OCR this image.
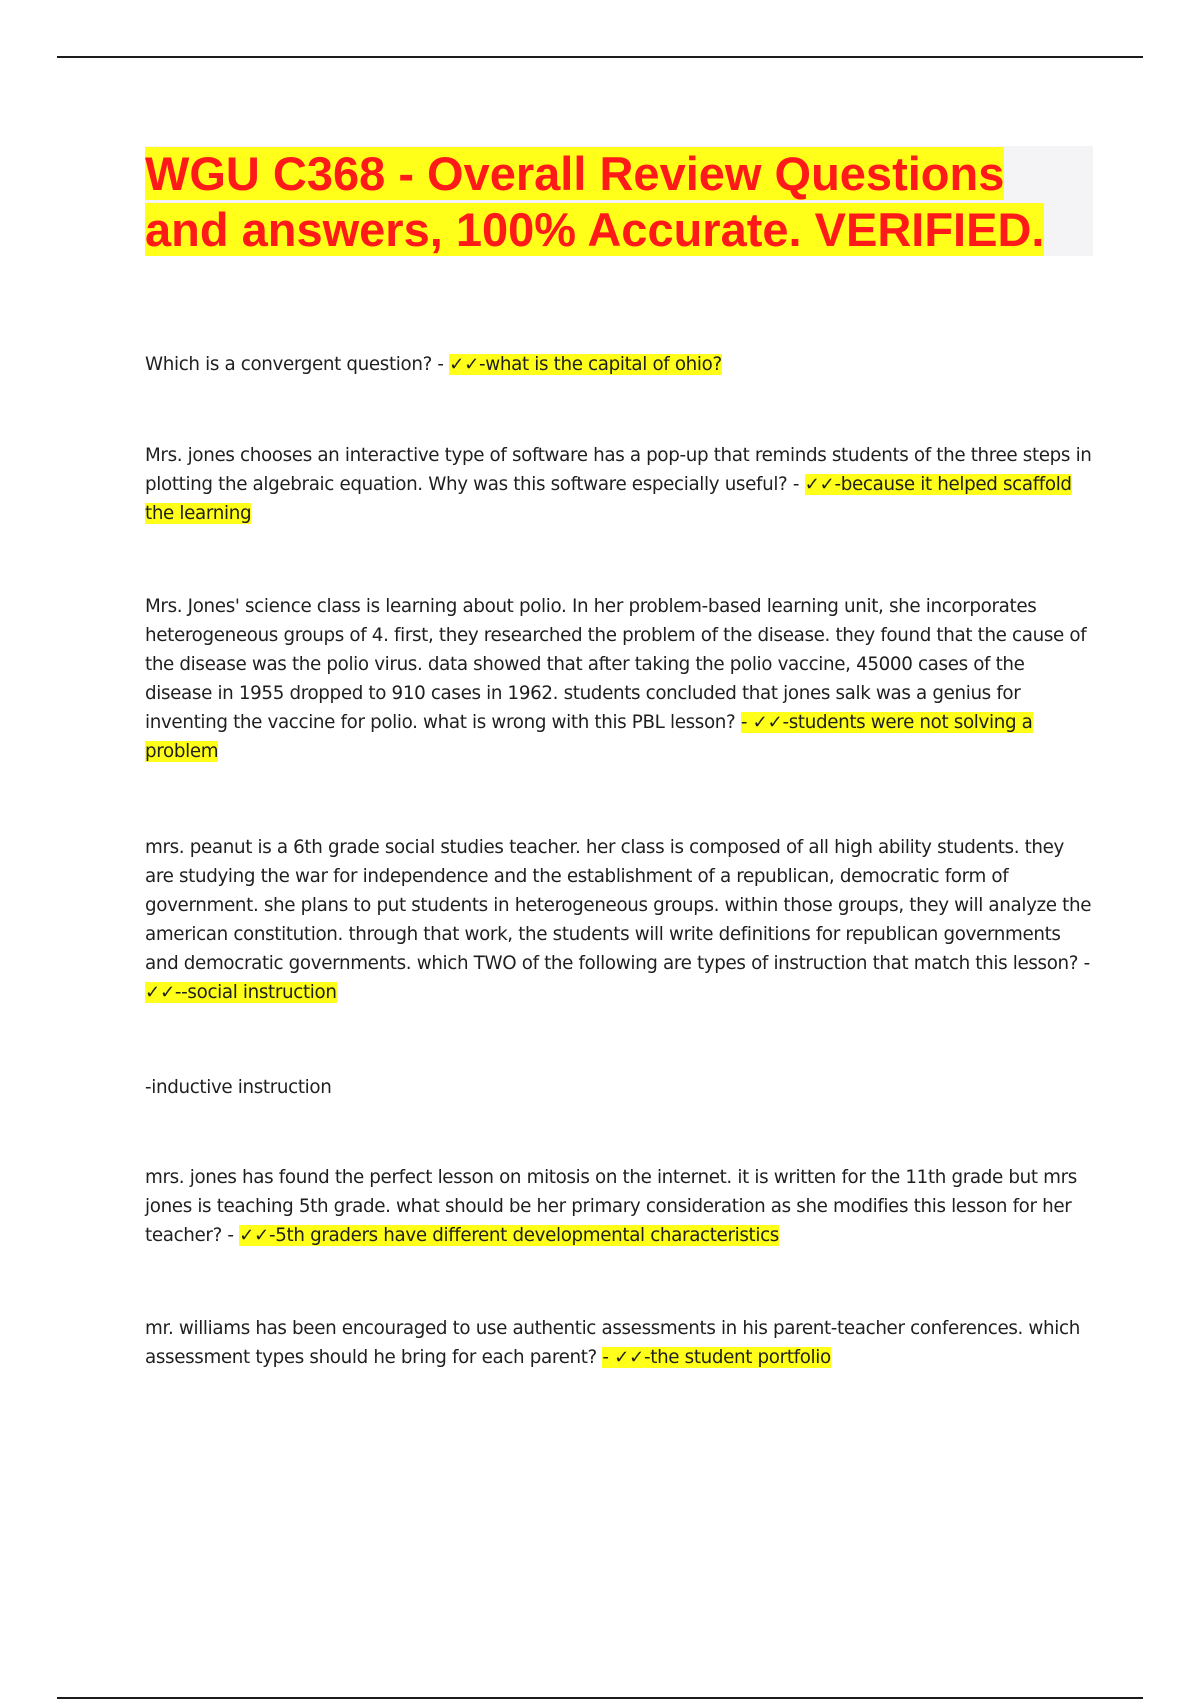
WGU C368 - Overall Review Questions and answers, 100% Accurate. VERIFIED.

Which is a convergent question? - ✓✓-what is the capital of ohio?

Mrs. jones chooses an interactive type of software has a pop-up that reminds students of the three steps in plotting the algebraic equation. Why was this software especially useful? - ✓✓-because it helped scaffold the learning

Mrs. Jones' science class is learning about polio. In her problem-based learning unit, she incorporates heterogeneous groups of 4. first, they researched the problem of the disease. they found that the cause of the disease was the polio virus. data showed that after taking the polio vaccine, 45000 cases of the disease in 1955 dropped to 910 cases in 1962. students concluded that jones salk was a genius for inventing the vaccine for polio. what is wrong with this PBL lesson? - ✓✓-students were not solving a problem

mrs. peanut is a 6th grade social studies teacher. her class is composed of all high ability students. they are studying the war for independence and the establishment of a republican, democratic form of government. she plans to put students in heterogeneous groups. within those groups, they will analyze the american constitution. through that work, the students will write definitions for republican governments and democratic governments. which TWO of the following are types of instruction that match this lesson? - ✓✓--social instruction

-inductive instruction

mrs. jones has found the perfect lesson on mitosis on the internet. it is written for the 11th grade but mrs jones is teaching 5th grade. what should be her primary consideration as she modifies this lesson for her teacher? - ✓✓-5th graders have different developmental characteristics

mr. williams has been encouraged to use authentic assessments in his parent-teacher conferences. which assessment types should he bring for each parent? - ✓✓-the student portfolio
